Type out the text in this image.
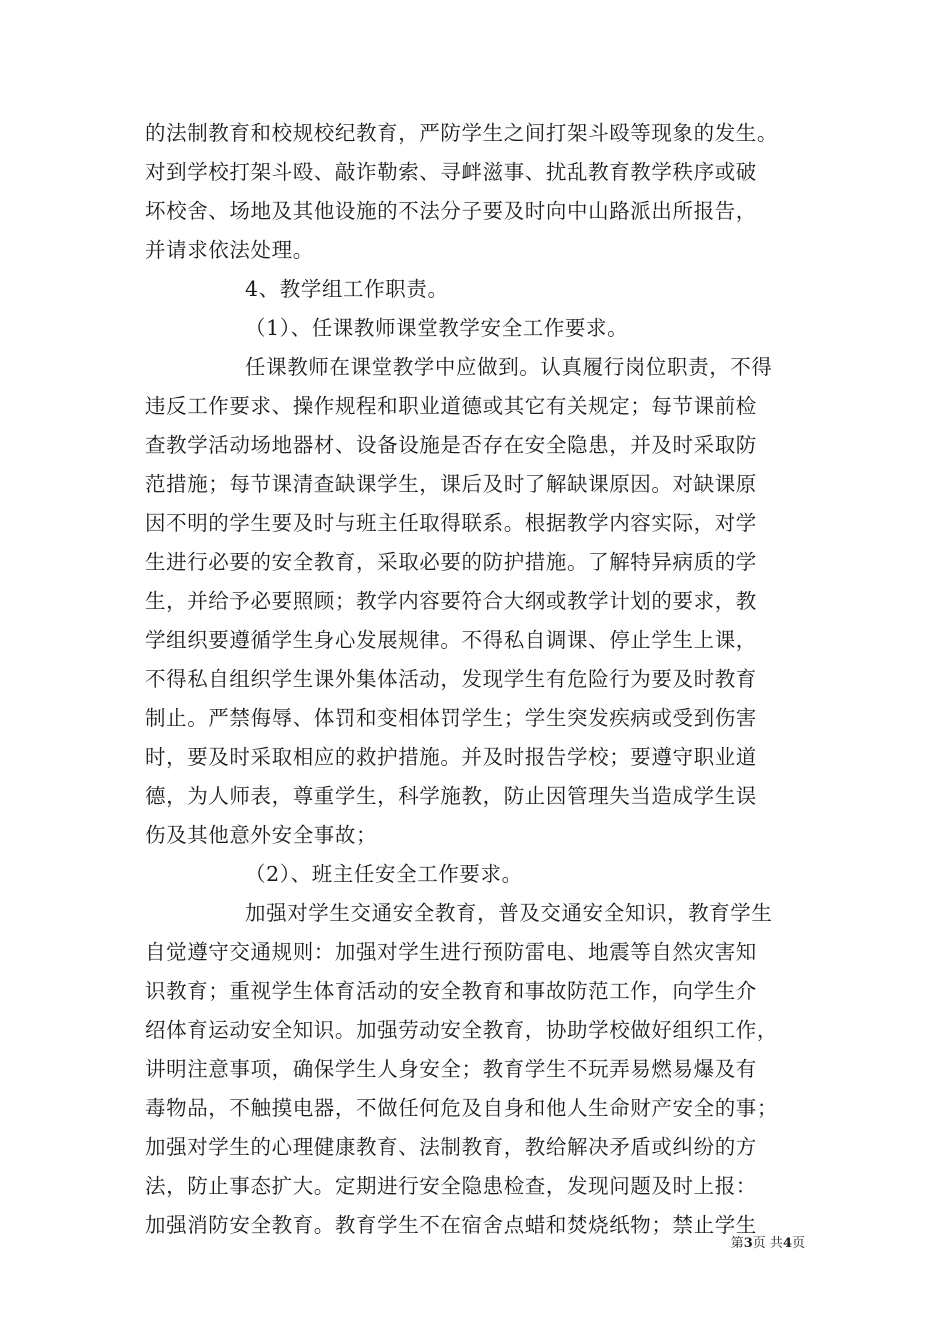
的法制教育和校规校纪教育，严防学生之间打架斗殴等现象的发生。
对到学校打架斗殴、敲诈勒索、寻衅滋事、扰乱教育教学秩序或破
坏校舍、场地及其他设施的不法分子要及时向中山路派出所报告，
并请求依法处理。
4、教学组工作职责。
（1）、任课教师课堂教学安全工作要求。
任课教师在课堂教学中应做到。认真履行岗位职责，不得
违反工作要求、操作规程和职业道德或其它有关规定；每节课前检
查教学活动场地器材、设备设施是否存在安全隐患，并及时采取防
范措施；每节课清查缺课学生，课后及时了解缺课原因。对缺课原
因不明的学生要及时与班主任取得联系。根据教学内容实际，对学
生进行必要的安全教育，采取必要的防护措施。了解特异病质的学
生，并给予必要照顾；教学内容要符合大纲或教学计划的要求，教
学组织要遵循学生身心发展规律。不得私自调课、停止学生上课，
不得私自组织学生课外集体活动，发现学生有危险行为要及时教育
制止。严禁侮辱、体罚和变相体罚学生；学生突发疾病或受到伤害
时，要及时采取相应的救护措施。并及时报告学校；要遵守职业道
德，为人师表，尊重学生，科学施教，防止因管理失当造成学生误
伤及其他意外安全事故；
（2）、班主任安全工作要求。
加强对学生交通安全教育，普及交通安全知识，教育学生
自觉遵守交通规则：加强对学生进行预防雷电、地震等自然灾害知
识教育；重视学生体育活动的安全教育和事故防范工作，向学生介
绍体育运动安全知识。加强劳动安全教育，协助学校做好组织工作，
讲明注意事项，确保学生人身安全；教育学生不玩弄易燃易爆及有
毒物品，不触摸电器，不做任何危及自身和他人生命财产安全的事；
加强对学生的心理健康教育、法制教育，教给解决矛盾或纠纷的方
法，防止事态扩大。定期进行安全隐患检查，发现问题及时上报：
加强消防安全教育。教育学生不在宿舍点蜡和焚烧纸物；禁止学生
第3页 共4页
